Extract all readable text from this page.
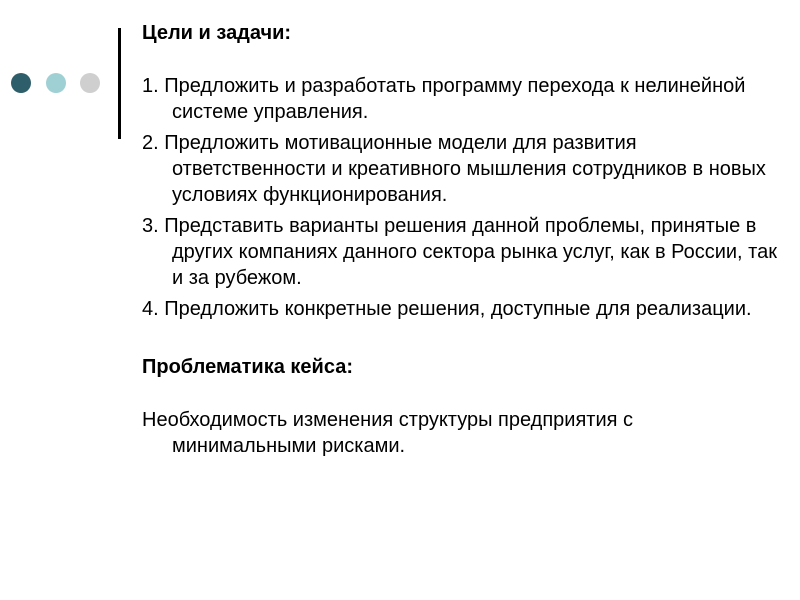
Цели и задачи:
1. Предложить и разработать программу перехода к нелинейной системе управления.
2. Предложить мотивационные модели для развития ответственности и креативного мышления сотрудников в новых условиях функционирования.
3. Представить варианты решения данной проблемы, принятые в других компаниях данного сектора рынка услуг, как в России, так и за рубежом.
4. Предложить конкретные решения, доступные для реализации.
Проблематика кейса:
Необходимость изменения структуры предприятия с минимальными рисками.
